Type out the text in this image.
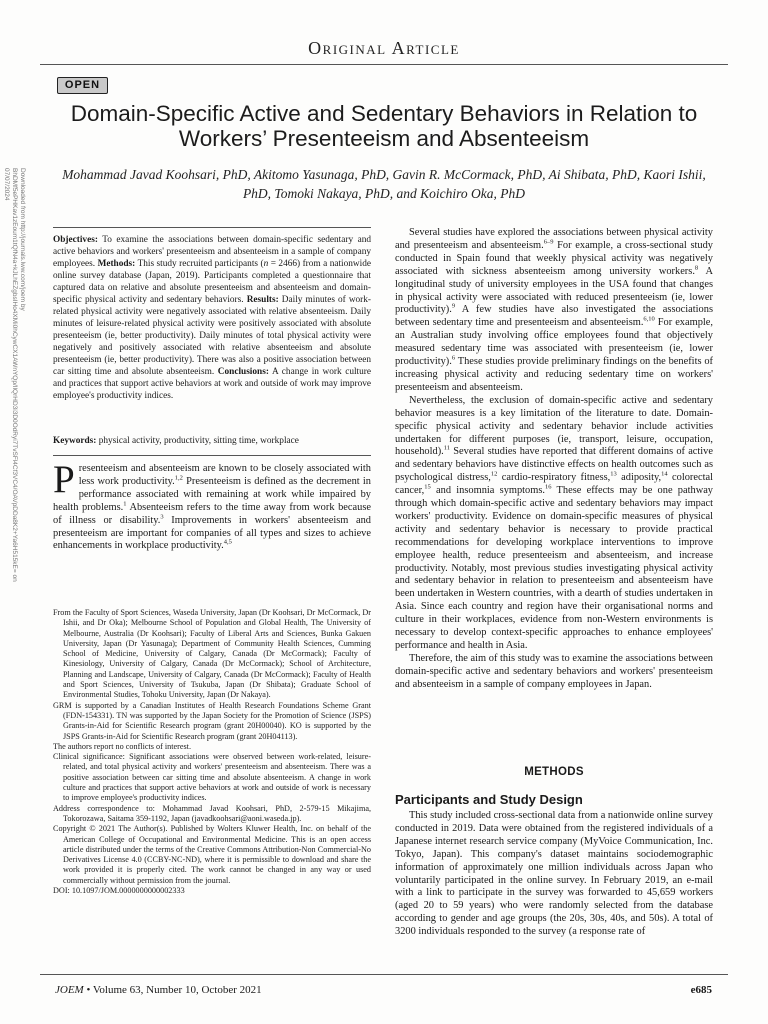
Original Article
OPEN
Domain-Specific Active and Sedentary Behaviors in Relation to Workers’ Presenteeism and Absenteeism
Mohammad Javad Koohsari, PhD, Akitomo Yasunaga, PhD, Gavin R. McCormack, PhD, Ai Shibata, PhD, Kaori Ishii, PhD, Tomoki Nakaya, PhD, and Koichiro Oka, PhD
Downloaded from http://journals.lww.com/joem by BhDMf5ePHKav1zEoum1tQfN4a+kJLhEZgbsIHo4XMi0hCywCX1AWnYQp/IlQrHD3i3D0OdRyi7TvSFl4Cf3VC4/OAVpDDa8K2+Ya6H515kE= on 07/07/2024

Objectives: To examine the associations between domain-specific sedentary and active behaviors and workers' presenteeism and absenteeism in a sample of company employees. Methods: This study recruited participants (n = 2466) from a nationwide online survey database (Japan, 2019). Participants completed a questionnaire that captured data on relative and absolute presenteeism and absenteeism and domain-specific physical activity and sedentary behaviors. Results: Daily minutes of work-related physical activity were negatively associated with relative absenteeism. Daily minutes of leisure-related physical activity were positively associated with absolute presenteeism (ie, better productivity). Daily minutes of total physical activity were negatively and positively associated with relative absenteeism and absolute presenteeism (ie, better productivity). There was also a positive association between car sitting time and absolute absenteeism. Conclusions: A change in work culture and practices that support active behaviors at work and outside of work may improve employee's productivity indices.

Keywords: physical activity, productivity, sitting time, workplace

Presenteeism and absenteeism are known to be closely associated with less work productivity.$^{1,2}$ Presenteeism is defined as the decrement in performance associated with remaining at work while impaired by health problems.$^1$ Absenteeism refers to the time away from work because of illness or disability.$^3$ Improvements in workers' absenteeism and presenteeism are important for companies of all types and sizes to achieve enhancements in workplace productivity.$^{4,5}$

From the Faculty of Sport Sciences, Waseda University, Japan (Dr Koohsari, Dr McCormack, Dr Ishii, and Dr Oka); Melbourne School of Population and Global Health, The University of Melbourne, Australia (Dr Koohsari); Faculty of Liberal Arts and Sciences, Bunka Gakuen University, Japan (Dr Yasunaga); Department of Community Health Sciences, Cumming School of Medicine, University of Calgary, Canada (Dr McCormack); Faculty of Kinesiology, University of Calgary, Canada (Dr McCormack); School of Architecture, Planning and Landscape, University of Calgary, Canada (Dr McCormack); Faculty of Health and Sport Sciences, University of Tsukuba, Japan (Dr Shibata); Graduate School of Environmental Studies, Tohoku University, Japan (Dr Nakaya).
GRM is supported by a Canadian Institutes of Health Research Foundations Scheme Grant (FDN-154331). TN was supported by the Japan Society for the Promotion of Science (JSPS) Grants-in-Aid for Scientific Research program (grant 20H00040). KO is supported by the JSPS Grants-in-Aid for Scientific Research program (grant 20H04113).
The authors report no conflicts of interest.
Clinical significance: Significant associations were observed between work-related, leisure-related, and total physical activity and workers' presenteeism and absenteeism. There was a positive association between car sitting time and absolute absenteeism. A change in work culture and practices that support active behaviors at work and outside of work is necessary to improve employee's productivity indices.
Address correspondence to: Mohammad Javad Koohsari, PhD, 2-579-15 Mikajima, Tokorozawa, Saitama 359-1192, Japan (javadkoohsari@aoni.waseda.jp).
Copyright © 2021 The Author(s). Published by Wolters Kluwer Health, Inc. on behalf of the American College of Occupational and Environmental Medicine. This is an open access article distributed under the terms of the Creative Commons Attribution-Non Commercial-No Derivatives License 4.0 (CCBY-NC-ND), where it is permissible to download and share the work provided it is properly cited. The work cannot be changed in any way or used commercially without permission from the journal.
DOI: 10.1097/JOM.0000000000002333

Several studies have explored the associations between physical activity and presenteeism and absenteeism.$^{6-9}$ For example, a cross-sectional study conducted in Spain found that weekly physical activity was negatively associated with sickness absenteeism among university workers.$^8$ A longitudinal study of university employees in the USA found that changes in physical activity were associated with reduced presenteeism (ie, lower productivity).$^9$ A few studies have also investigated the associations between sedentary time and presenteeism and absenteeism.$^{6,10}$ For example, an Australian study involving office employees found that objectively measured sedentary time was associated with presenteeism (ie, lower productivity).$^6$ These studies provide preliminary findings on the benefits of increasing physical activity and reducing sedentary time on workers' presenteeism and absenteeism.

Nevertheless, the exclusion of domain-specific active and sedentary behavior measures is a key limitation of the literature to date. Domain-specific physical activity and sedentary behavior include activities undertaken for different purposes (ie, transport, leisure, occupation, household).$^{11}$ Several studies have reported that different domains of active and sedentary behaviors have distinctive effects on health outcomes such as psychological distress,$^{12}$ cardio-respiratory fitness,$^{13}$ adiposity,$^{14}$ colorectal cancer,$^{15}$ and insomnia symptoms.$^{16}$ These effects may be one pathway through which domain-specific active and sedentary behaviors may impact workers' productivity. Evidence on domain-specific measures of physical activity and sedentary behavior is necessary to provide practical recommendations for developing workplace interventions to improve employee health, reduce presenteeism and absenteeism, and increase productivity. Notably, most previous studies investigating physical activity and sedentary behavior in relation to presenteeism and absenteeism have been undertaken in Western countries, with a dearth of studies undertaken in Asia. Since each country and region have their organisational norms and culture in their workplaces, evidence from non-Western environments is necessary to develop context-specific approaches to enhance employees' performance and health in Asia.

Therefore, the aim of this study was to examine the associations between domain-specific active and sedentary behaviors and workers' presenteeism and absenteeism in a sample of company employees in Japan.

METHODS
Participants and Study Design

This study included cross-sectional data from a nationwide online survey conducted in 2019. Data were obtained from the registered individuals of a Japanese internet research service company (MyVoice Communication, Inc. Tokyo, Japan). This company's dataset maintains sociodemographic information of approximately one million individuals across Japan who voluntarily participated in the online survey. In February 2019, an e-mail with a link to participate in the survey was forwarded to 45,659 workers (aged 20 to 59 years) who were randomly selected from the database according to gender and age groups (the 20s, 30s, 40s, and 50s). A total of 3200 individuals responded to the survey (a response rate of

JOEM • Volume 63, Number 10, October 2021	e685
